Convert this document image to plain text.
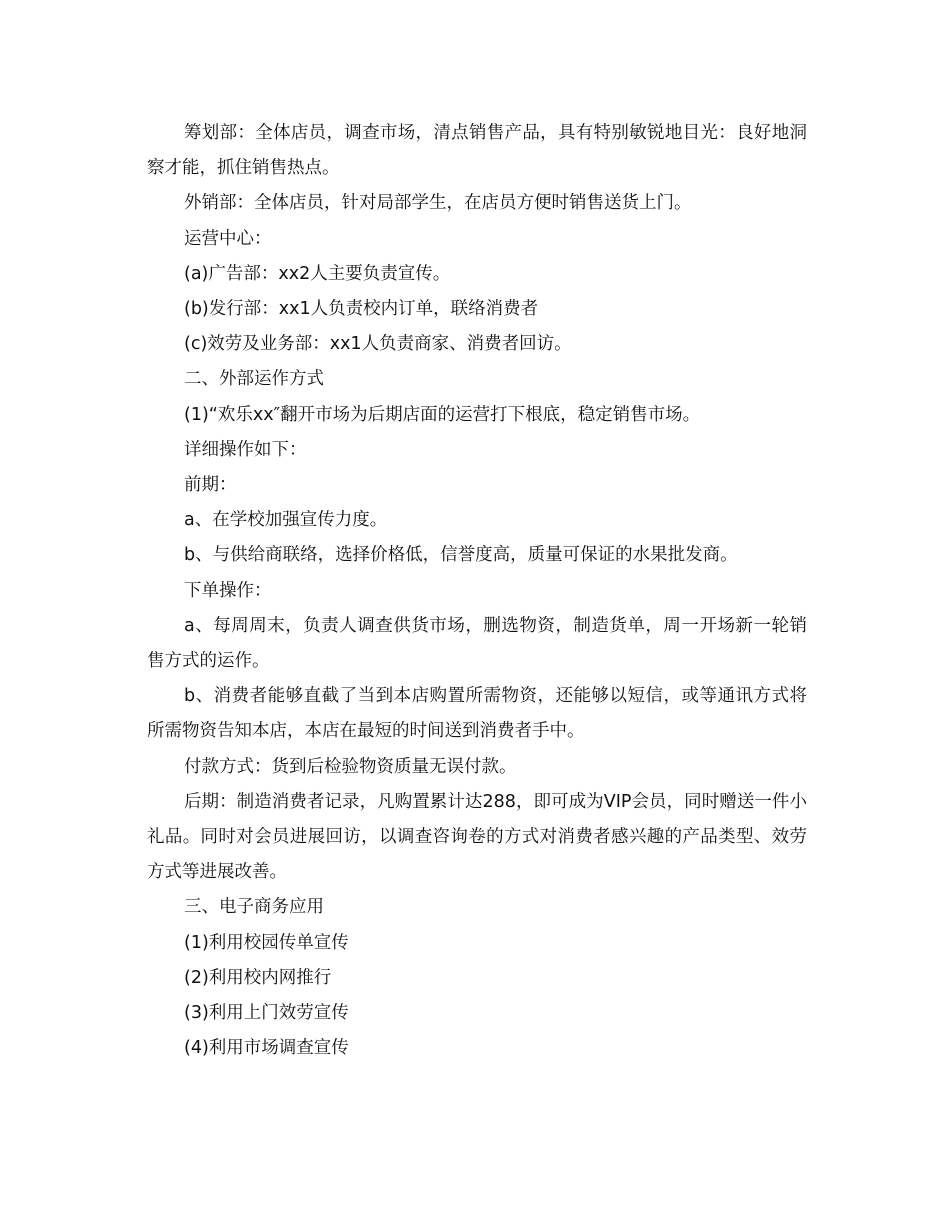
筹划部：全体店员，调查市场，清点销售产品，具有特别敏锐地目光：良好地洞察才能，抓住销售热点。

外销部：全体店员，针对局部学生，在店员方便时销售送货上门。

运营中心：

(a)广告部：xx2人主要负责宣传。

(b)发行部：xx1人负责校内订单，联络消费者

(c)效劳及业务部：xx1人负责商家、消费者回访。

二、外部运作方式

(1)“欢乐xx″翻开市场为后期店面的运营打下根底，稳定销售市场。

详细操作如下：

前期：

a、在学校加强宣传力度。

b、与供给商联络，选择价格低，信誉度高，质量可保证的水果批发商。

下单操作：

a、每周周末，负责人调查供货市场，删选物资，制造货单，周一开场新一轮销售方式的运作。

b、消费者能够直截了当到本店购置所需物资，还能够以短信，或等通讯方式将所需物资告知本店，本店在最短的时间送到消费者手中。

付款方式：货到后检验物资质量无误付款。

后期：制造消费者记录，凡购置累计达288，即可成为VIP会员，同时赠送一件小礼品。同时对会员进展回访，以调查咨询卷的方式对消费者感兴趣的产品类型、效劳方式等进展改善。

三、电子商务应用

(1)利用校园传单宣传

(2)利用校内网推行

(3)利用上门效劳宣传

(4)利用市场调查宣传
